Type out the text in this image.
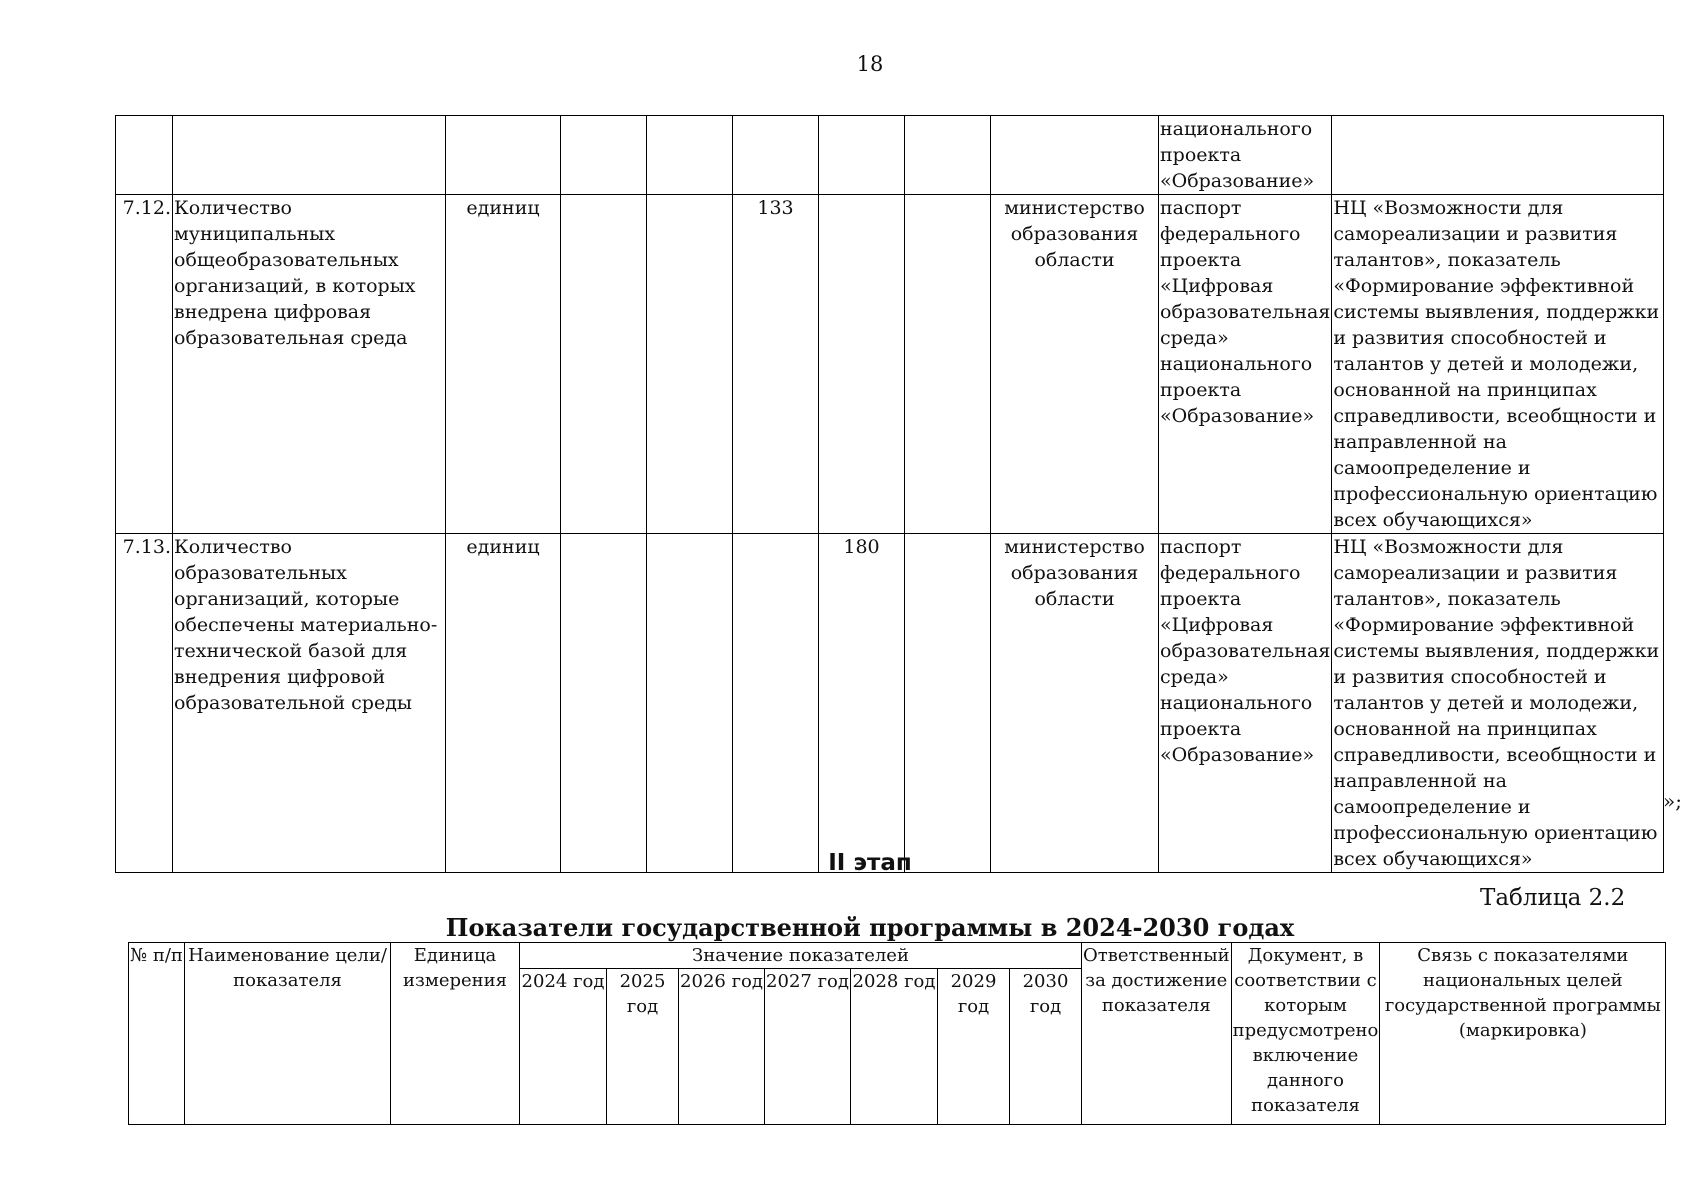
18
									национального проекта «Образование»	
7.12.	Количество муниципальных общеобразовательных организаций, в которых внедрена цифровая образовательная среда	единиц			133			министерство образования области	паспорт федерального проекта «Цифровая образовательная среда» национального проекта «Образование»	НЦ «Возможности для самореализации и развития талантов», показатель «Формирование эффективной системы выявления, поддержки и развития способностей и талантов у детей и молодежи, основанной на принципах справедливости, всеобщности и направленной на самоопределение и профессиональную ориентацию всех обучающихся»
7.13.	Количество образовательных организаций, которые обеспечены материально-технической базой для внедрения цифровой образовательной среды	единиц				180		министерство образования области	паспорт федерального проекта «Цифровая образовательная среда» национального проекта «Образование»	НЦ «Возможности для самореализации и развития талантов», показатель «Формирование эффективной системы выявления, поддержки и развития способностей и талантов у детей и молодежи, основанной на принципах справедливости, всеобщности и направленной на самоопределение и профессиональную ориентацию всех обучающихся»
»;
II этап
Таблица 2.2
Показатели государственной программы в 2024-2030 годах
№ п/п	Наименование цели/показателя	Единица измерения	Значение показателей							Ответственный за достижение показателя	Документ, в соответствии с которым предусмотрено включение данного показателя	Связь с показателями национальных целей государственной программы (маркировка)
			2024 год	2025 год	2026 год	2027 год	2028 год	2029 год	2030 год			
